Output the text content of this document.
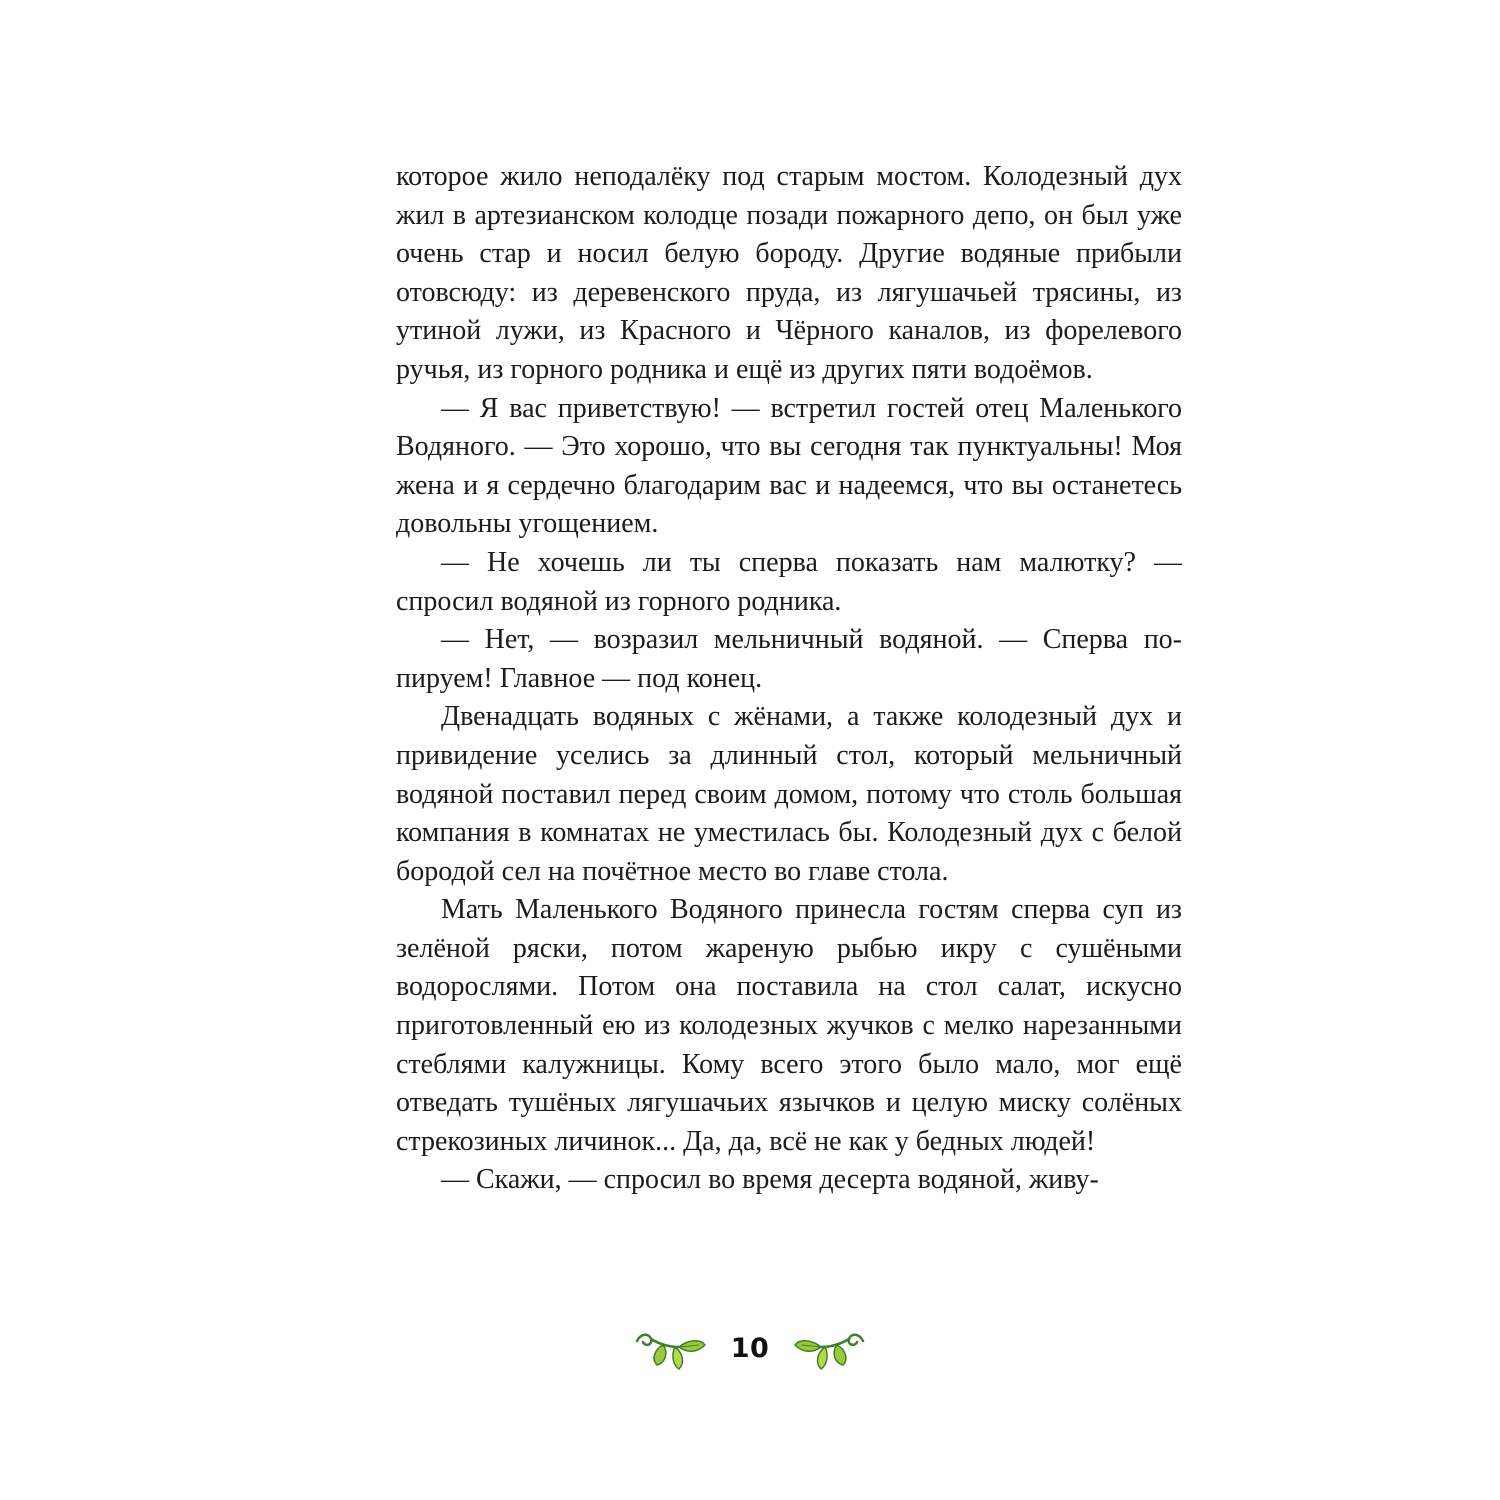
которое жило неподалёку под старым мостом. Колодезный дух жил в артезианском колодце позади пожарного депо, он был уже очень стар и носил белую бороду. Другие водяные прибыли отовсюду: из деревенского пруда, из лягушачьей трясины, из утиной лужи, из Красного и Чёрного каналов, из форелевого ручья, из горного родника и ещё из других пяти водоёмов.

— Я вас приветствую! — встретил гостей отец Маленького Водяного. — Это хорошо, что вы сегодня так пунктуальны! Моя жена и я сердечно благодарим вас и надеемся, что вы останетесь довольны угощением.

— Не хочешь ли ты сперва показать нам малютку? — спросил водяной из горного родника.

— Нет, — возразил мельничный водяной. — Сперва попируем! Главное — под конец.

Двенадцать водяных с жёнами, а также колодезный дух и привидение уселись за длинный стол, который мельничный водяной поставил перед своим домом, потому что столь большая компания в комнатах не уместилась бы. Колодезный дух с белой бородой сел на почётное место во главе стола.

Мать Маленького Водяного принесла гостям сперва суп из зелёной ряски, потом жареную рыбью икру с сушёными водорослями. Потом она поставила на стол салат, искусно приготовленный ею из колодезных жучков с мелко нарезанными стеблями калужницы. Кому всего этого было мало, мог ещё отведать тушёных лягушачьих язычков и целую миску солёных стрекозиных личинок... Да, да, всё не как у бедных людей!

— Скажи, — спросил во время десерта водяной, живу-

10
